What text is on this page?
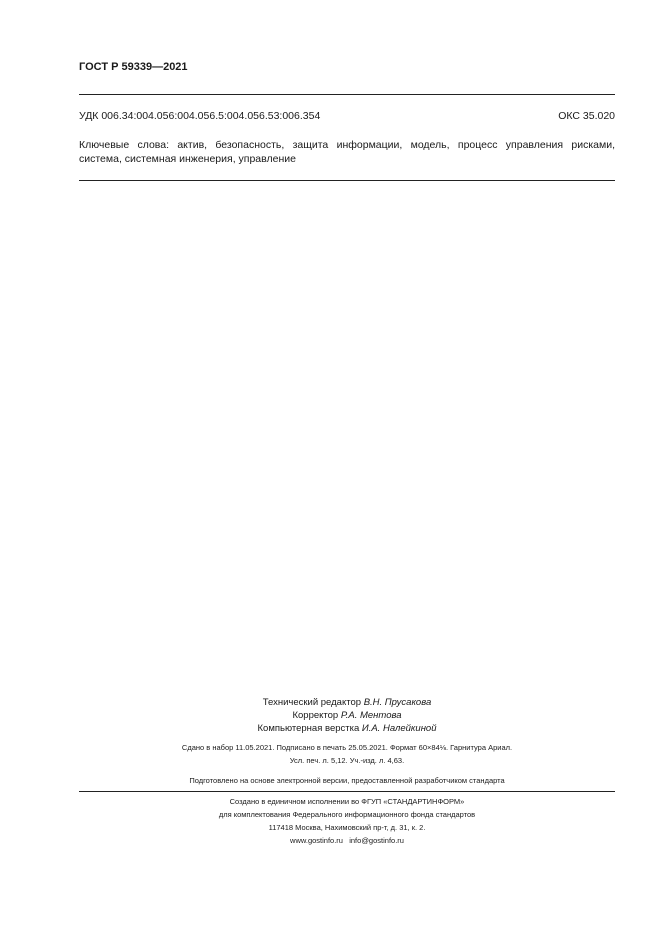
ГОСТ Р 59339—2021
УДК 006.34:004.056:004.056.5:004.056.53:006.354	ОКС 35.020
Ключевые слова: актив, безопасность, защита информации, модель, процесс управления рисками,
система, системная инженерия, управление
Технический редактор В.Н. Прусакова
Корректор Р.А. Ментова
Компьютерная верстка И.А. Налейкиной
Сдано в набор 11.05.2021. Подписано в печать 25.05.2021. Формат 60×84⅛. Гарнитура Ариал.
Усл. печ. л. 5,12. Уч.-изд. л. 4,63.
Подготовлено на основе электронной версии, предоставленной разработчиком стандарта
Создано в единичном исполнении во ФГУП «СТАНДАРТИНФОРМ»
для комплектования Федерального информационного фонда стандартов
117418 Москва, Нахимовский пр-т, д. 31, к. 2.
www.gostinfo.ru   info@gostinfo.ru
